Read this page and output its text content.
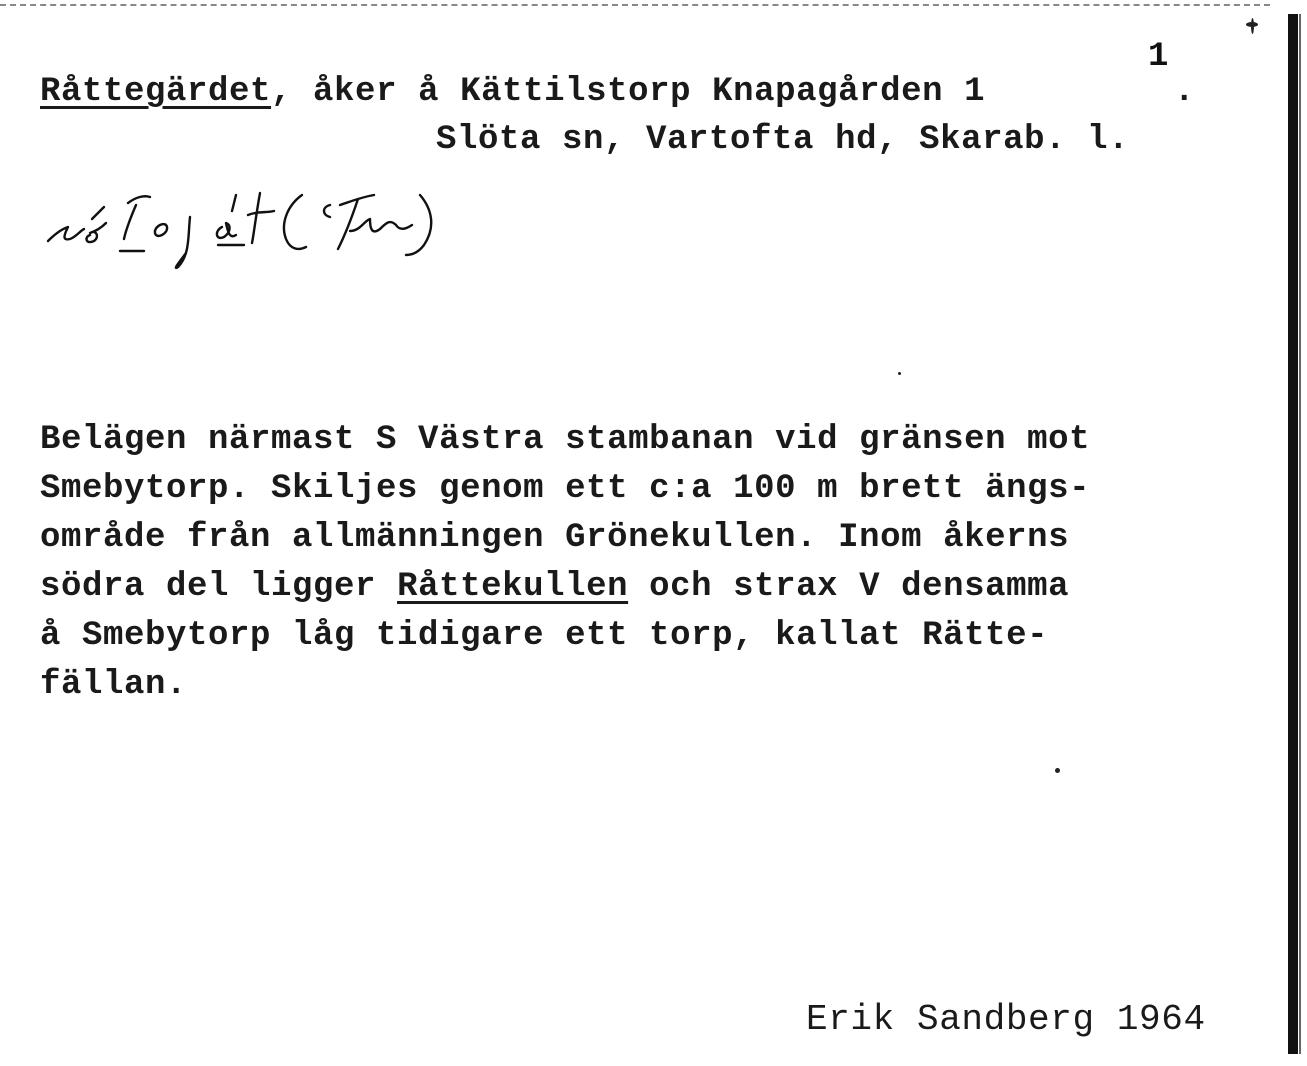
Råttegärdet, åker å Kättilstorp Knapagården 1
1
.
Slöta sn, Vartofta hd, Skarab. l.
Belägen närmast S Västra stambanan vid gränsen mot
Smebytorp. Skiljes genom ett c:a 100 m brett ängs-
område från allmänningen Grönekullen. Inom åkerns
södra del ligger Råttekullen och strax V densamma
å Smebytorp låg tidigare ett torp, kallat Rätte-
fällan.
Erik Sandberg 1964
